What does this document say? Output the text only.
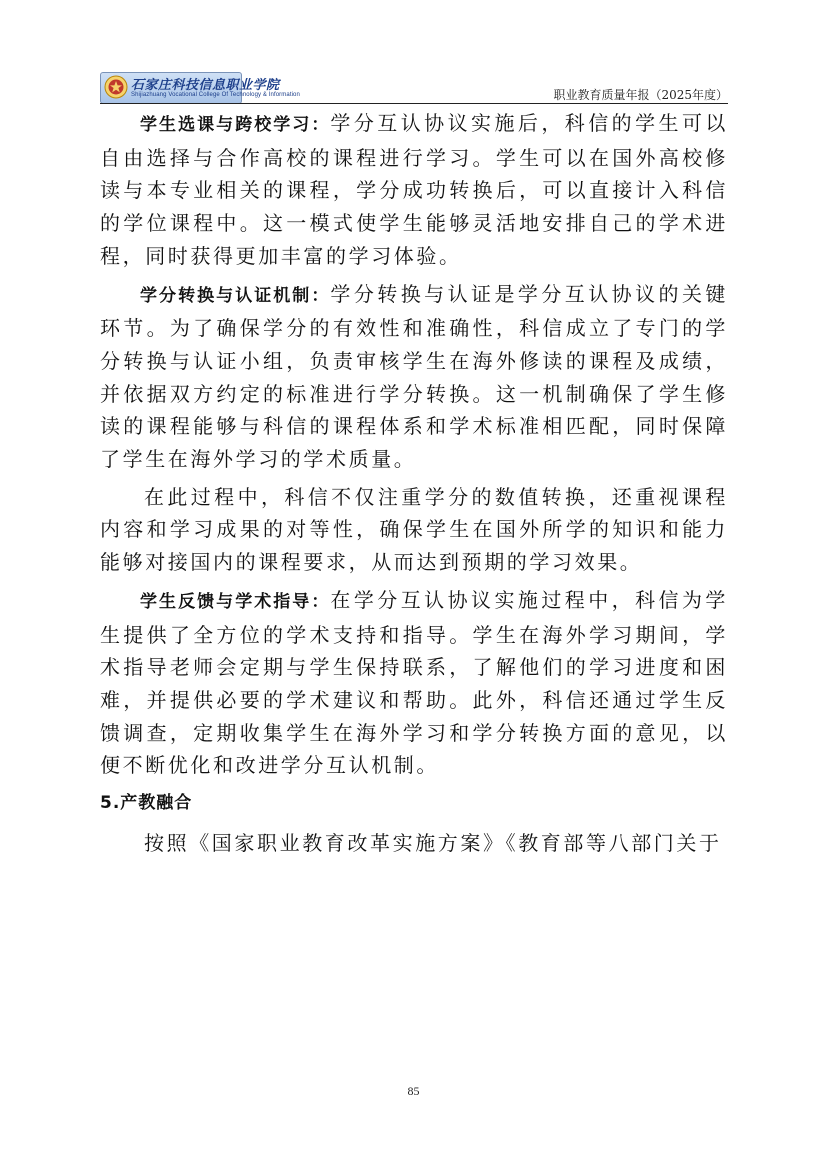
石家庄科技信息职业学院
Shijiazhuang Vocational College Of Technology & Information	职业教育质量年报（2025年度）

学生选课与跨校学习：学分互认协议实施后，科信的学生可以自由选择与合作高校的课程进行学习。学生可以在国外高校修读与本专业相关的课程，学分成功转换后，可以直接计入科信的学位课程中。这一模式使学生能够灵活地安排自己的学术进程，同时获得更加丰富的学习体验。

学分转换与认证机制：学分转换与认证是学分互认协议的关键环节。为了确保学分的有效性和准确性，科信成立了专门的学分转换与认证小组，负责审核学生在海外修读的课程及成绩，并依据双方约定的标准进行学分转换。这一机制确保了学生修读的课程能够与科信的课程体系和学术标准相匹配，同时保障了学生在海外学习的学术质量。

在此过程中，科信不仅注重学分的数值转换，还重视课程内容和学习成果的对等性，确保学生在国外所学的知识和能力能够对接国内的课程要求，从而达到预期的学习效果。

学生反馈与学术指导：在学分互认协议实施过程中，科信为学生提供了全方位的学术支持和指导。学生在海外学习期间，学术指导老师会定期与学生保持联系，了解他们的学习进度和困难，并提供必要的学术建议和帮助。此外，科信还通过学生反馈调查，定期收集学生在海外学习和学分转换方面的意见，以便不断优化和改进学分互认机制。

5.产教融合

按照《国家职业教育改革实施方案》《教育部等八部门关于

85
